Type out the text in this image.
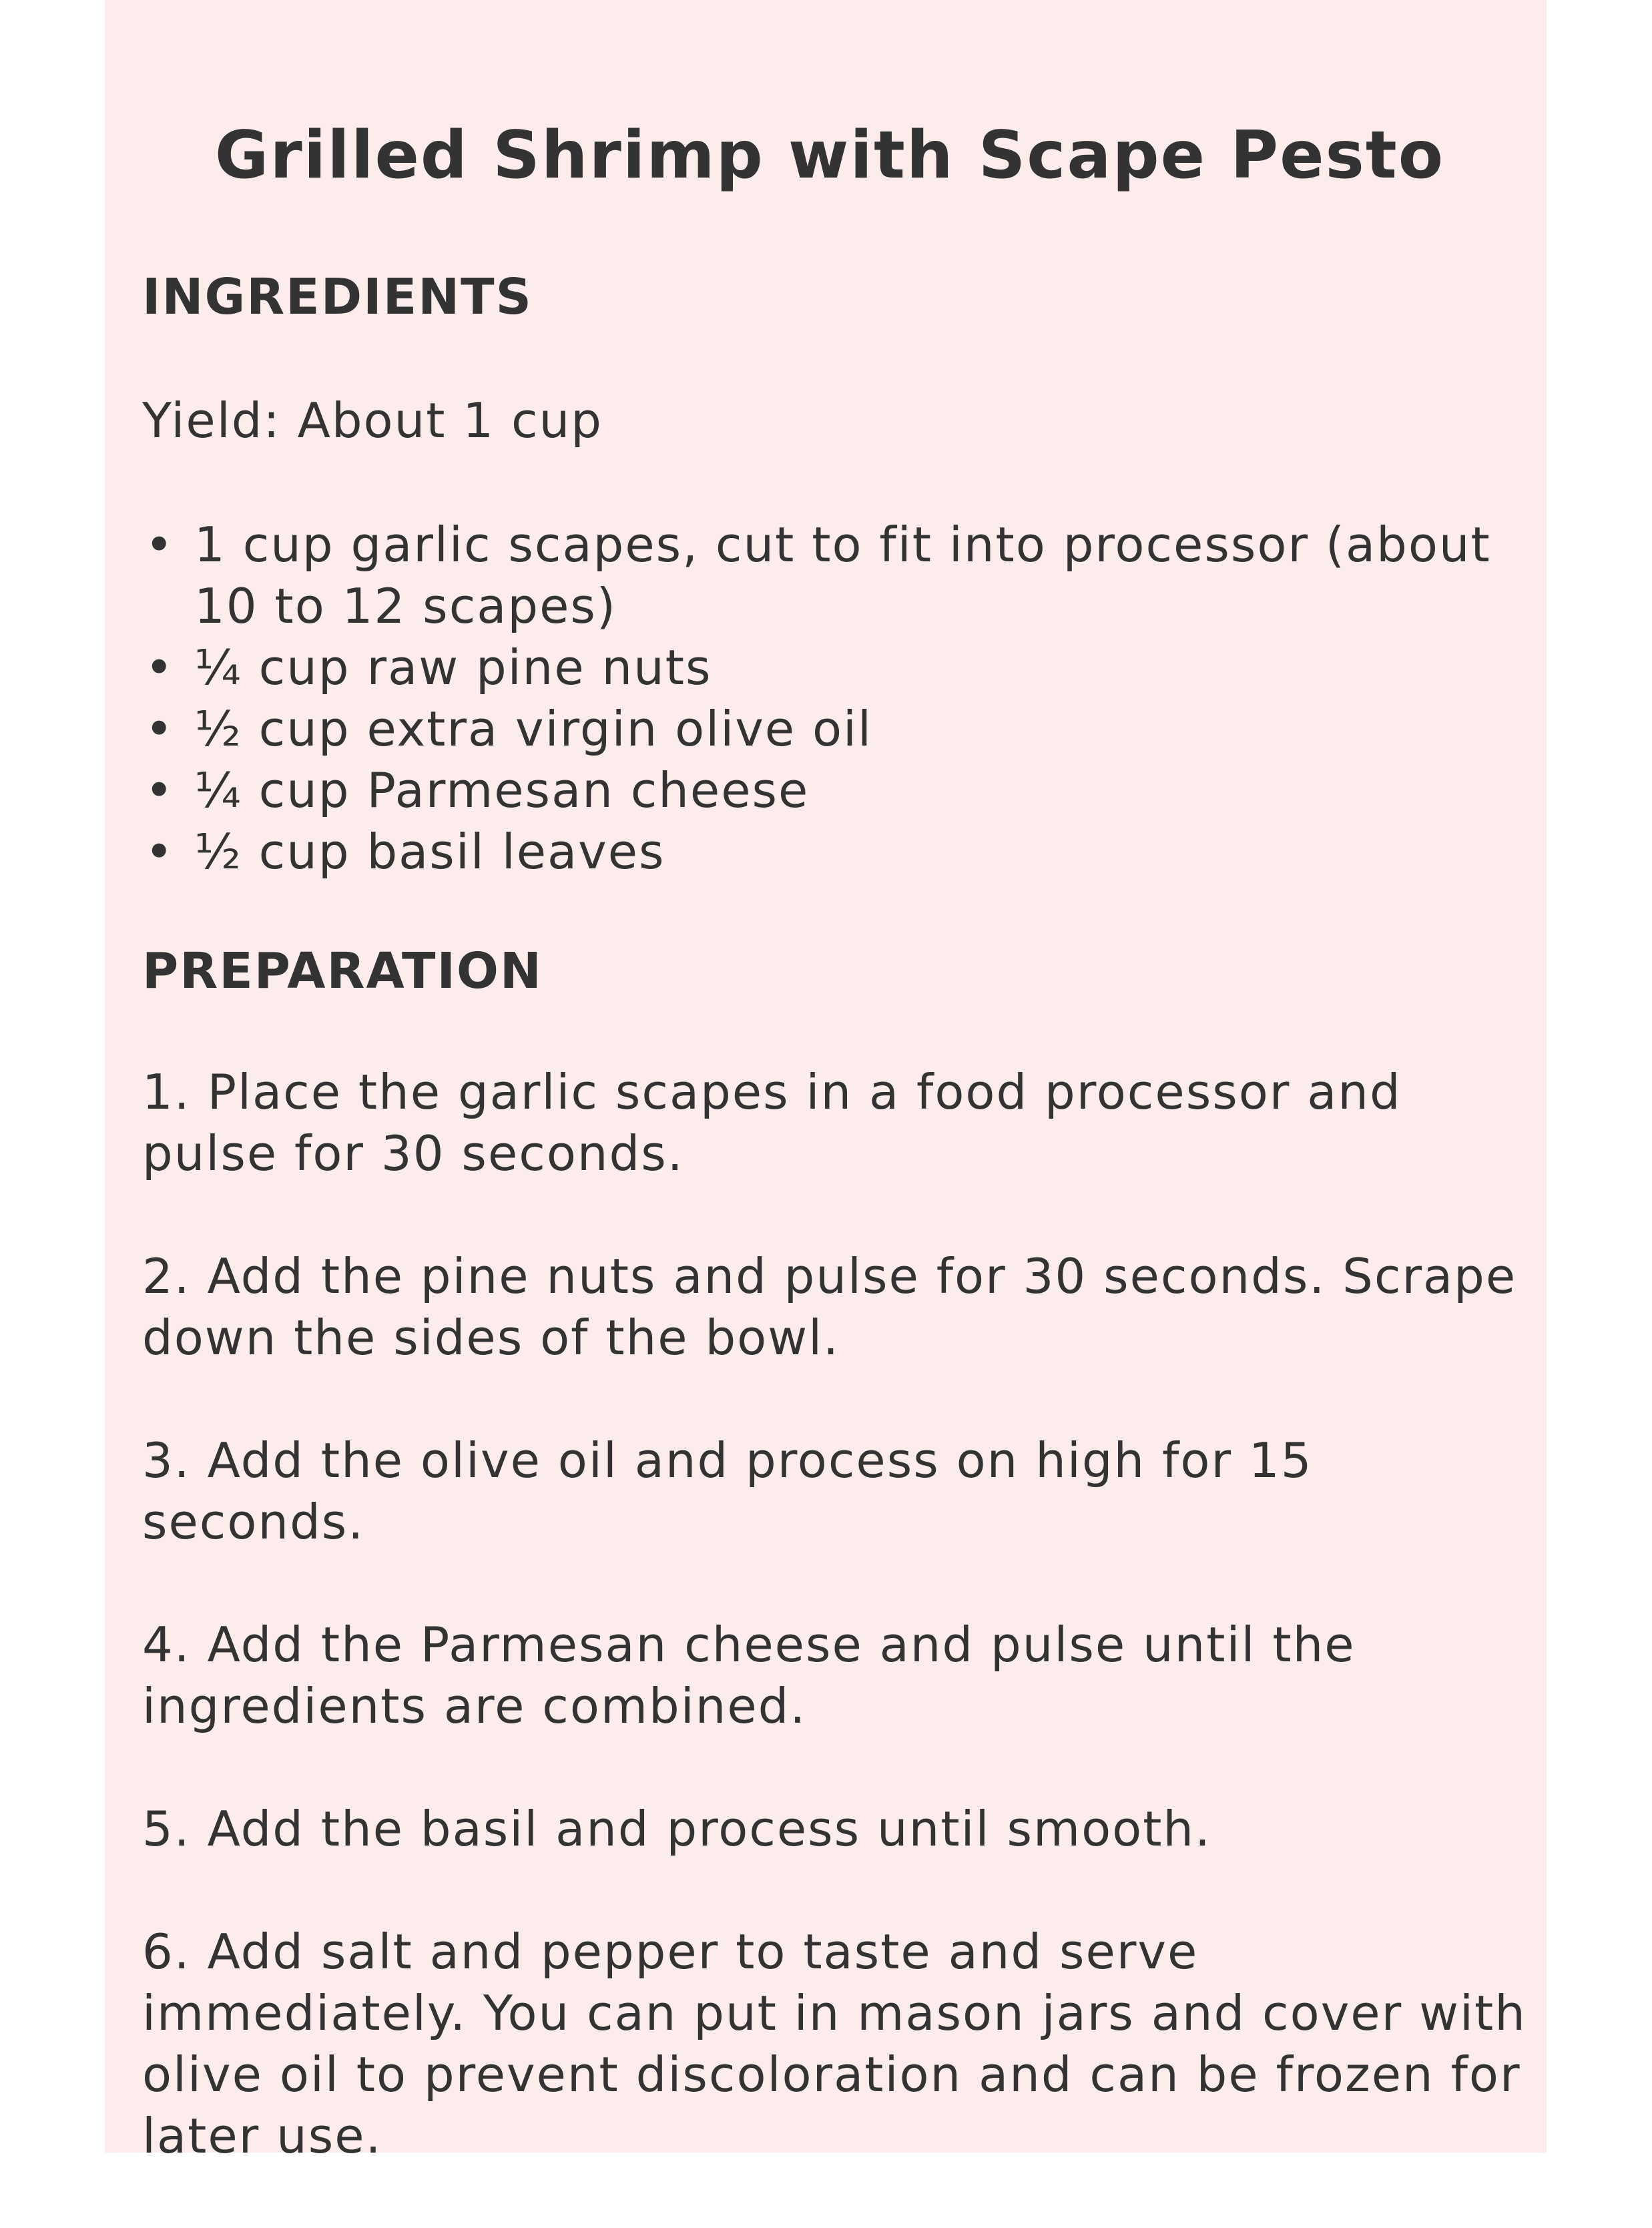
Grilled Shrimp with Scape Pesto
INGREDIENTS

Yield: About 1 cup

• 1 cup garlic scapes, cut to fit into processor (about 10 to 12 scapes)
• ¼ cup raw pine nuts
• ½ cup extra virgin olive oil
• ¼ cup Parmesan cheese
• ½ cup basil leaves
PREPARATION
1. Place the garlic scapes in a food processor and pulse for 30 seconds.
2. Add the pine nuts and pulse for 30 seconds. Scrape down the sides of the bowl.
3. Add the olive oil and process on high for 15 seconds.
4. Add the Parmesan cheese and pulse until the ingredients are combined.
5. Add the basil and process until smooth.
6. Add salt and pepper to taste and serve immediately. You can put in mason jars and cover with olive oil to prevent discoloration and can be frozen for later use.
